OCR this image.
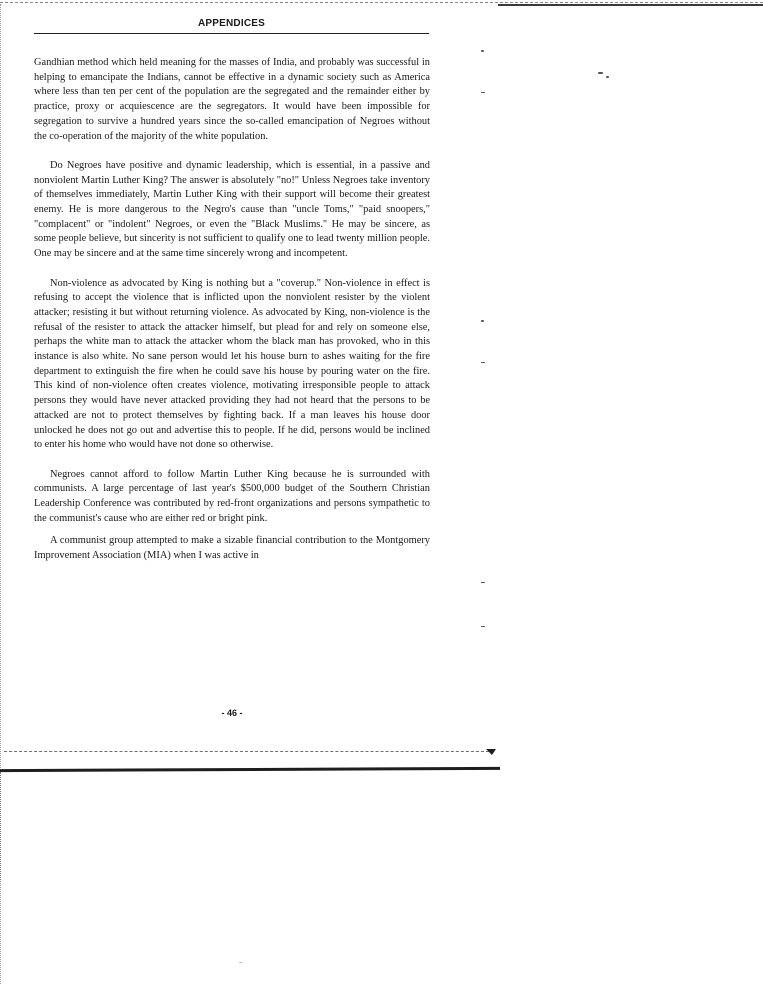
APPENDICES

Gandhian method which held meaning for the masses of India, and probably was successful in helping to emancipate the Indians, cannot be effective in a dynamic society such as America where less than ten per cent of the population are the segregated and the remainder either by practice, proxy or acquiescence are the segregators. It would have been impossible for segregation to survive a hundred years since the so-called emancipation of Negroes without the co-operation of the majority of the white population.

Do Negroes have positive and dynamic leadership, which is essential, in a passive and nonviolent Martin Luther King? The answer is absolutely "no!" Unless Negroes take inventory of themselves immediately, Martin Luther King with their support will become their greatest enemy. He is more dangerous to the Negro's cause than "uncle Toms," "paid snoopers," "complacent" or "indolent" Negroes, or even the "Black Muslims." He may be sincere, as some people believe, but sincerity is not sufficient to qualify one to lead twenty million people. One may be sincere and at the same time sincerely wrong and incompetent.

Non-violence as advocated by King is nothing but a "coverup." Non-violence in effect is refusing to accept the violence that is inflicted upon the nonviolent resister by the violent attacker; resisting it but without returning violence. As advocated by King, non-violence is the refusal of the resister to attack the attacker himself, but plead for and rely on someone else, perhaps the white man to attack the attacker whom the black man has provoked, who in this instance is also white. No sane person would let his house burn to ashes waiting for the fire department to extinguish the fire when he could save his house by pouring water on the fire. This kind of non-violence often creates violence, motivating irresponsible people to attack persons they would have never attacked providing they had not heard that the persons to be attacked are not to protect themselves by fighting back. If a man leaves his house door unlocked he does not go out and advertise this to people. If he did, persons would be inclined to enter his home who would have not done so otherwise.

Negroes cannot afford to follow Martin Luther King because he is surrounded with communists. A large percentage of last year's $500,000 budget of the Southern Christian Leadership Conference was contributed by red-front organizations and persons sympathetic to the communist's cause who are either red or bright pink.

A communist group attempted to make a sizable financial contribution to the Montgomery Improvement Association (MIA) when I was active in

- 46 -
